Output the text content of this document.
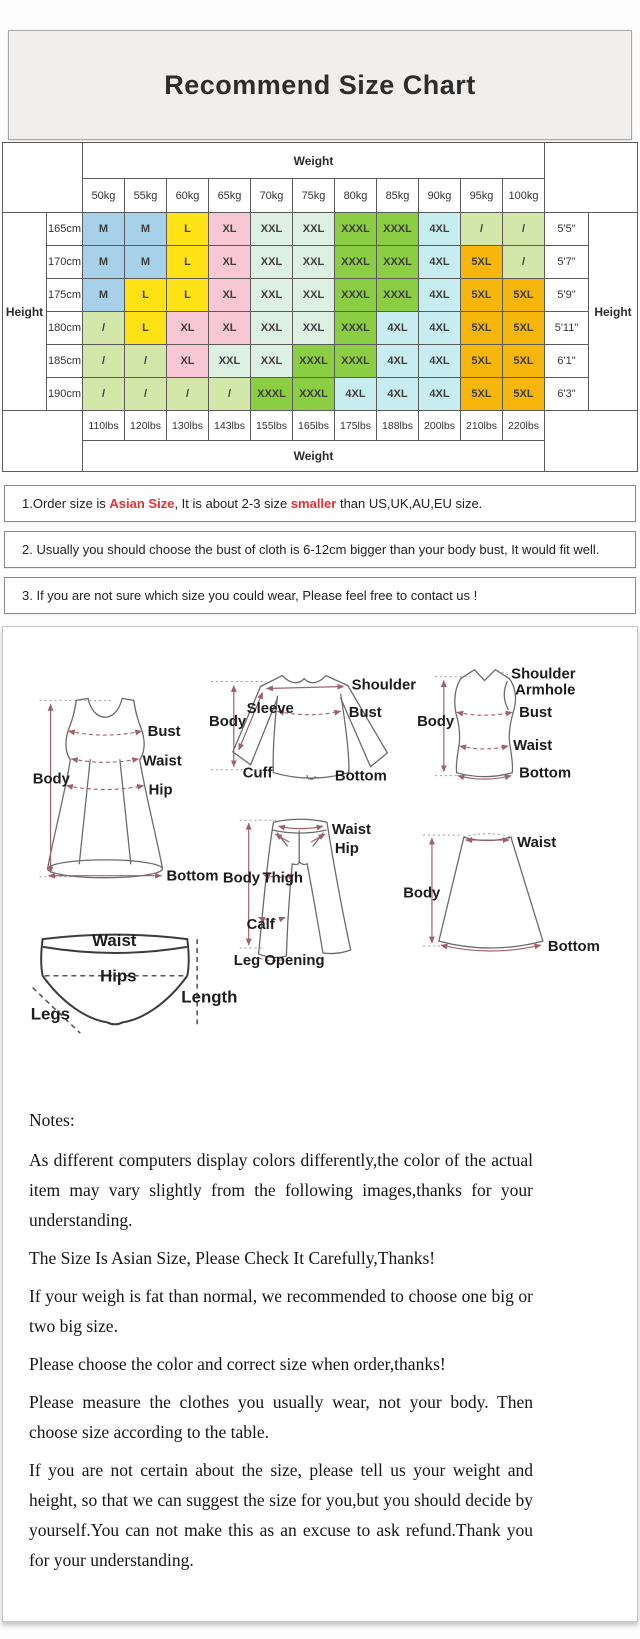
Recommend Size Chart
		Weight												
		50kg	55kg	60kg	65kg	70kg	75kg	80kg	85kg	90kg	95kg	100kg		
Height	165cm	M	M	L	XL	XXL	XXL	XXXL	XXXL	4XL	/	/	5'5"	Height
	170cm	M	M	L	XL	XXL	XXL	XXXL	XXXL	4XL	5XL	/	5'7"	
	175cm	M	L	L	XL	XXL	XXL	XXXL	XXXL	4XL	5XL	5XL	5'9"	
	180cm	/	L	XL	XL	XXL	XXL	XXXL	4XL	4XL	5XL	5XL	5'11"	
	185cm	/	/	XL	XXL	XXL	XXXL	XXXL	4XL	4XL	5XL	5XL	6'1"	
	190cm	/	/	/	/	XXXL	XXXL	4XL	4XL	4XL	5XL	5XL	6'3"	
		110lbs	120lbs	130lbs	143lbs	155lbs	165lbs	175lbs	188lbs	200lbs	210lbs	220lbs		
		Weight												
1.Order size is Asian Size, It is about 2-3 size smaller than US,UK,AU,EU size.
2. Usually you should choose the bust of cloth is 6-12cm bigger than your body bust, It would fit well.
3. If you are not sure which size you could wear, Please feel free to contact us !
Body
Bust
Waist
Hip
Bottom
Shoulder
Sleeve
Body
Bust
Cuff	Bottom
Shoulder
Armhole
Body
Bust
Waist
Bottom
Waist
Hip
Body Thigh
Calf
Leg Opening
Waist
Body
Bottom
Waist
Hips
Legs
Length

Notes:

As different computers display colors differently,the color of the actual item may vary slightly from the following images,thanks for your understanding.

The Size Is Asian Size, Please Check It Carefully,Thanks!

If your weigh is fat than normal, we recommended to choose one big or two big size.

Please choose the color and correct size when order,thanks!

Please measure the clothes you usually wear, not your body. Then choose size according to the table.

If you are not certain about the size, please tell us your weight and height, so that we can suggest the size for you,but you should decide by yourself.You can not make this as an excuse to ask refund.Thank you for your understanding.
